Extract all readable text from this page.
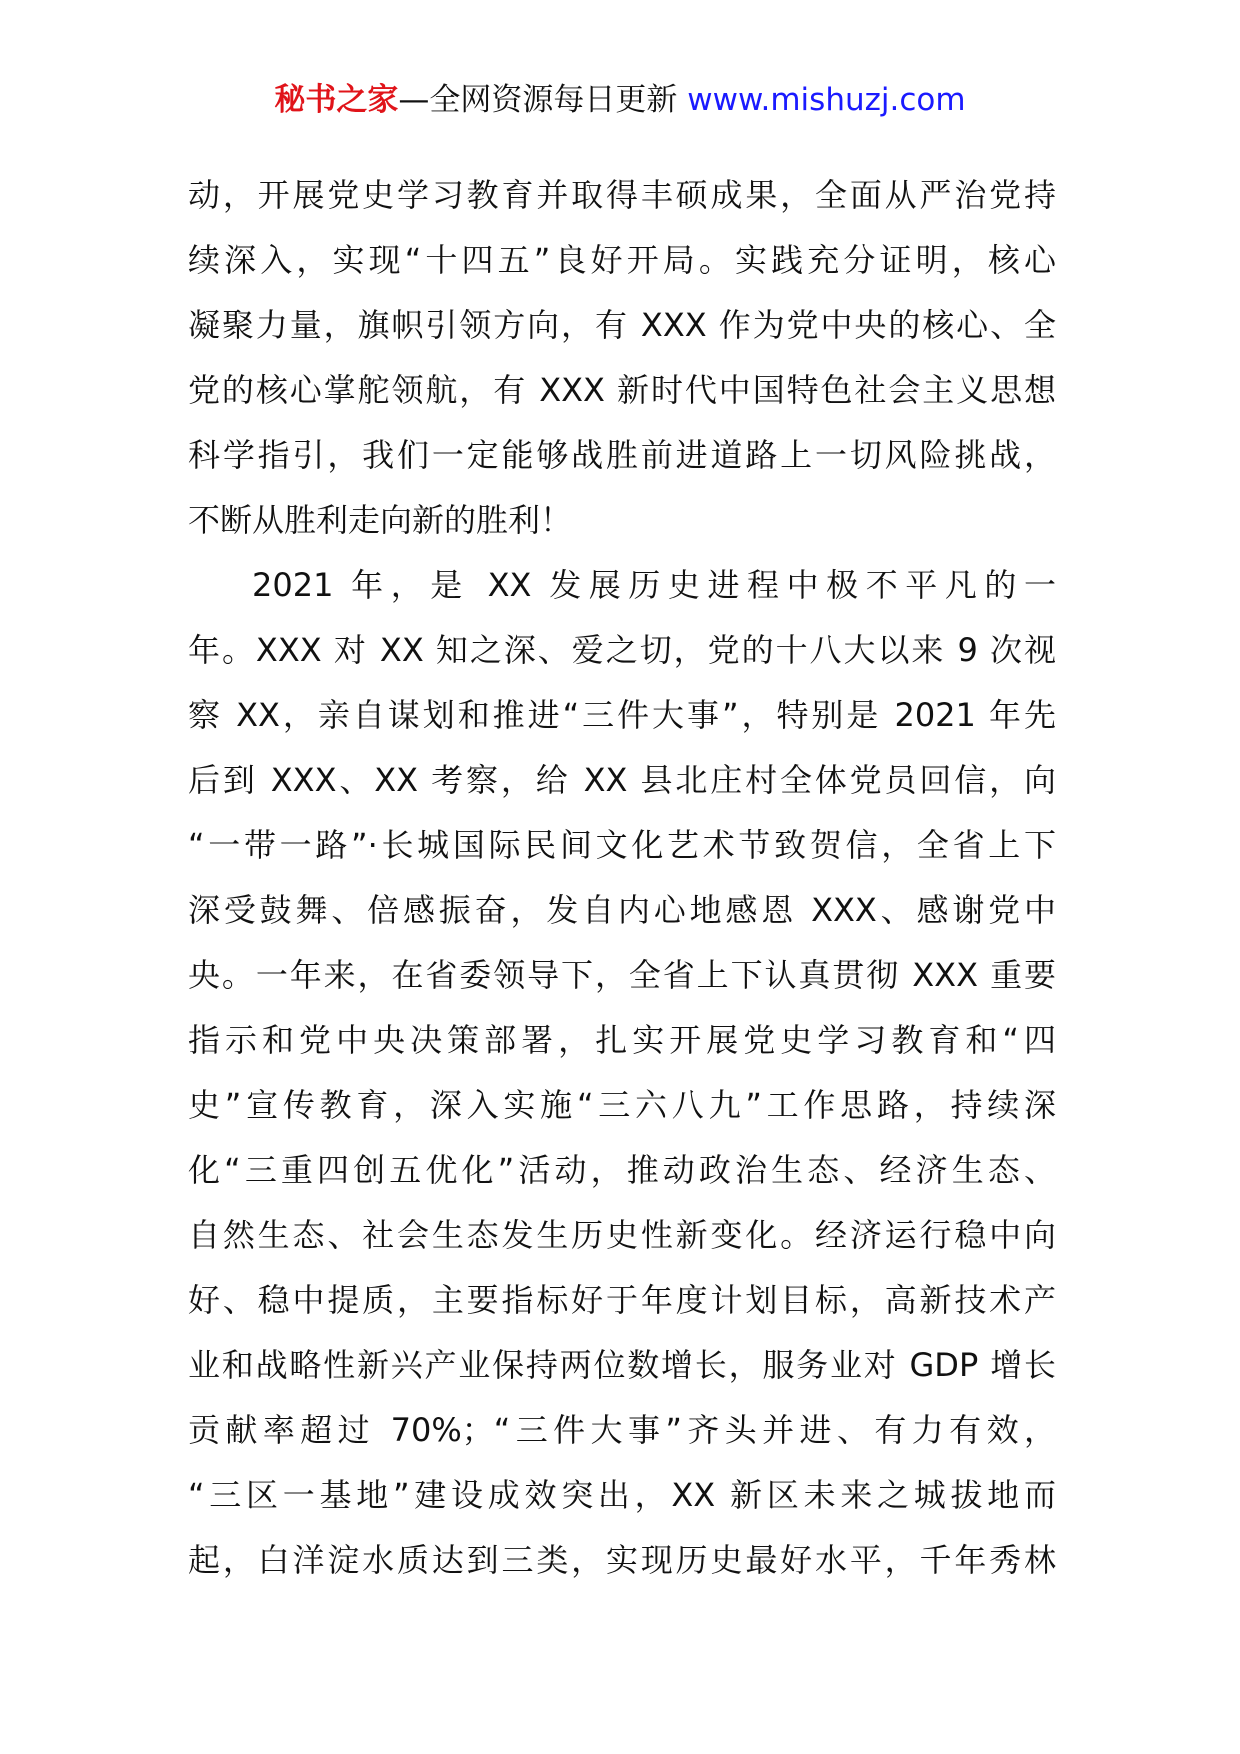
秘书之家—全网资源每日更新 www.mishuzj.com
动，开展党史学习教育并取得丰硕成果，全面从严治党持
续深入，实现“十四五”良好开局。实践充分证明，核心
凝聚力量，旗帜引领方向，有 XXX 作为党中央的核心、全
党的核心掌舵领航，有 XXX 新时代中国特色社会主义思想
科学指引，我们一定能够战胜前进道路上一切风险挑战，
不断从胜利走向新的胜利！
2021 年，是 XX 发展历史进程中极不平凡的一
年。XXX 对 XX 知之深、爱之切，党的十八大以来 9 次视
察 XX，亲自谋划和推进“三件大事”，特别是 2021 年先
后到 XXX、XX 考察，给 XX 县北庄村全体党员回信，向
“一带一路”·长城国际民间文化艺术节致贺信，全省上下
深受鼓舞、倍感振奋，发自内心地感恩 XXX、感谢党中
央。一年来，在省委领导下，全省上下认真贯彻 XXX 重要
指示和党中央决策部署，扎实开展党史学习教育和“四
史”宣传教育，深入实施“三六八九”工作思路，持续深
化“三重四创五优化”活动，推动政治生态、经济生态、
自然生态、社会生态发生历史性新变化。经济运行稳中向
好、稳中提质，主要指标好于年度计划目标，高新技术产
业和战略性新兴产业保持两位数增长，服务业对 GDP 增长
贡献率超过 70%；“三件大事”齐头并进、有力有效，
“三区一基地”建设成效突出，XX 新区未来之城拔地而
起，白洋淀水质达到三类，实现历史最好水平，千年秀林
